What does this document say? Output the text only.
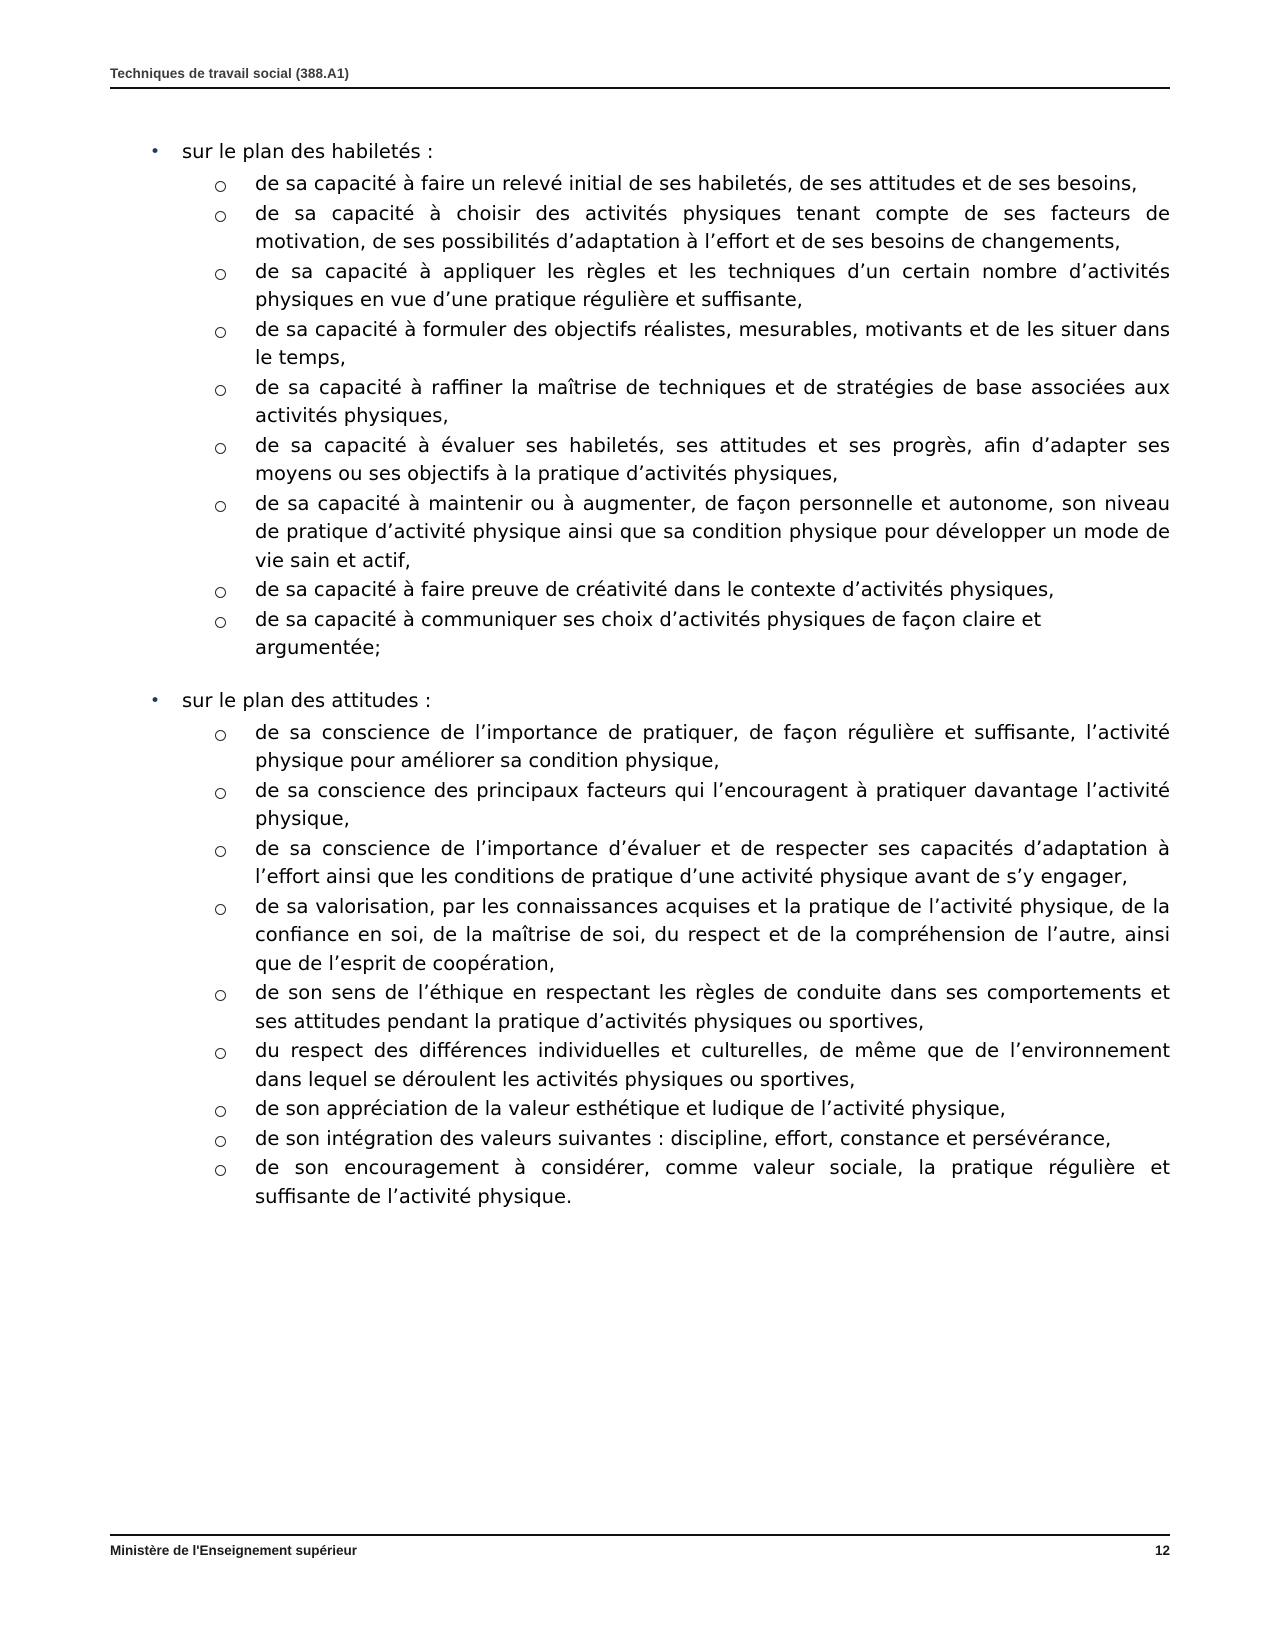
Techniques de travail social (388.A1)
•	sur le plan des habiletés :
de sa capacité à faire un relevé initial de ses habiletés, de ses attitudes et de ses besoins,
de sa capacité à choisir des activités physiques tenant compte de ses facteurs de motivation, de ses possibilités d’adaptation à l’effort et de ses besoins de changements,
de sa capacité à appliquer les règles et les techniques d’un certain nombre d’activités physiques en vue d’une pratique régulière et suffisante,
de sa capacité à formuler des objectifs réalistes, mesurables, motivants et de les situer dans le temps,
de sa capacité à raffiner la maîtrise de techniques et de stratégies de base associées aux activités physiques,
de sa capacité à évaluer ses habiletés, ses attitudes et ses progrès, afin d’adapter ses moyens ou ses objectifs à la pratique d’activités physiques,
de sa capacité à maintenir ou à augmenter, de façon personnelle et autonome, son niveau de pratique d’activité physique ainsi que sa condition physique pour développer un mode de vie sain et actif,
de sa capacité à faire preuve de créativité dans le contexte d’activités physiques,
de sa capacité à communiquer ses choix d’activités physiques de façon claire et argumentée;
•	sur le plan des attitudes :
de sa conscience de l’importance de pratiquer, de façon régulière et suffisante, l’activité physique pour améliorer sa condition physique,
de sa conscience des principaux facteurs qui l’encouragent à pratiquer davantage l’activité physique,
de sa conscience de l’importance d’évaluer et de respecter ses capacités d’adaptation à l’effort ainsi que les conditions de pratique d’une activité physique avant de s’y engager,
de sa valorisation, par les connaissances acquises et la pratique de l’activité physique, de la confiance en soi, de la maîtrise de soi, du respect et de la compréhension de l’autre, ainsi que de l’esprit de coopération,
de son sens de l’éthique en respectant les règles de conduite dans ses comportements et ses attitudes pendant la pratique d’activités physiques ou sportives,
du respect des différences individuelles et culturelles, de même que de l’environnement dans lequel se déroulent les activités physiques ou sportives,
de son appréciation de la valeur esthétique et ludique de l’activité physique,
de son intégration des valeurs suivantes : discipline, effort, constance et persévérance,
de son encouragement à considérer, comme valeur sociale, la pratique régulière et suffisante de l’activité physique.
Ministère de l'Enseignement supérieur	12
